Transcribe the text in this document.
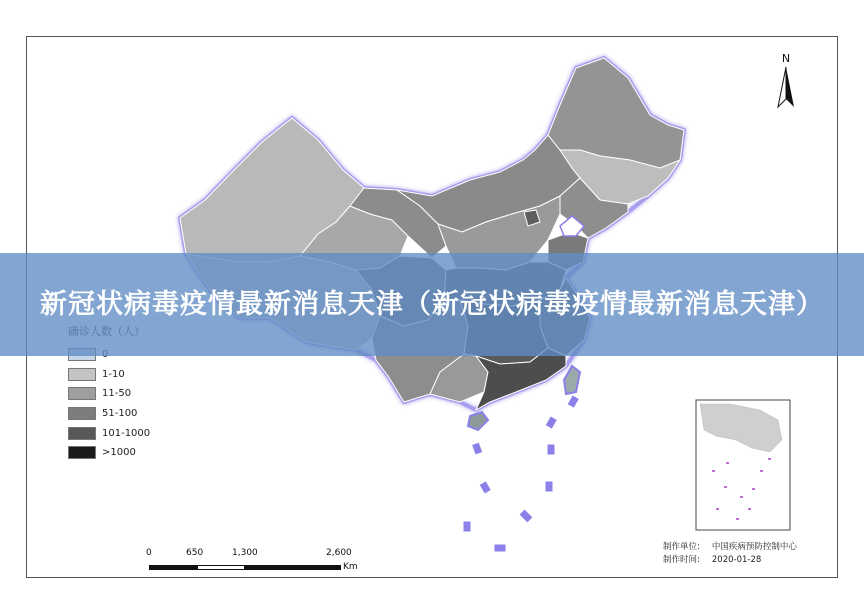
N
1-10
11-50
51-100
101-1000
>1000
0	650	1,300	2,600
Km
制作单位: 中国疾病预防控制中心
制作时间: 2020-01-28
新冠状病毒疫情最新消息天津（新冠状病毒疫情最新消息天津）
